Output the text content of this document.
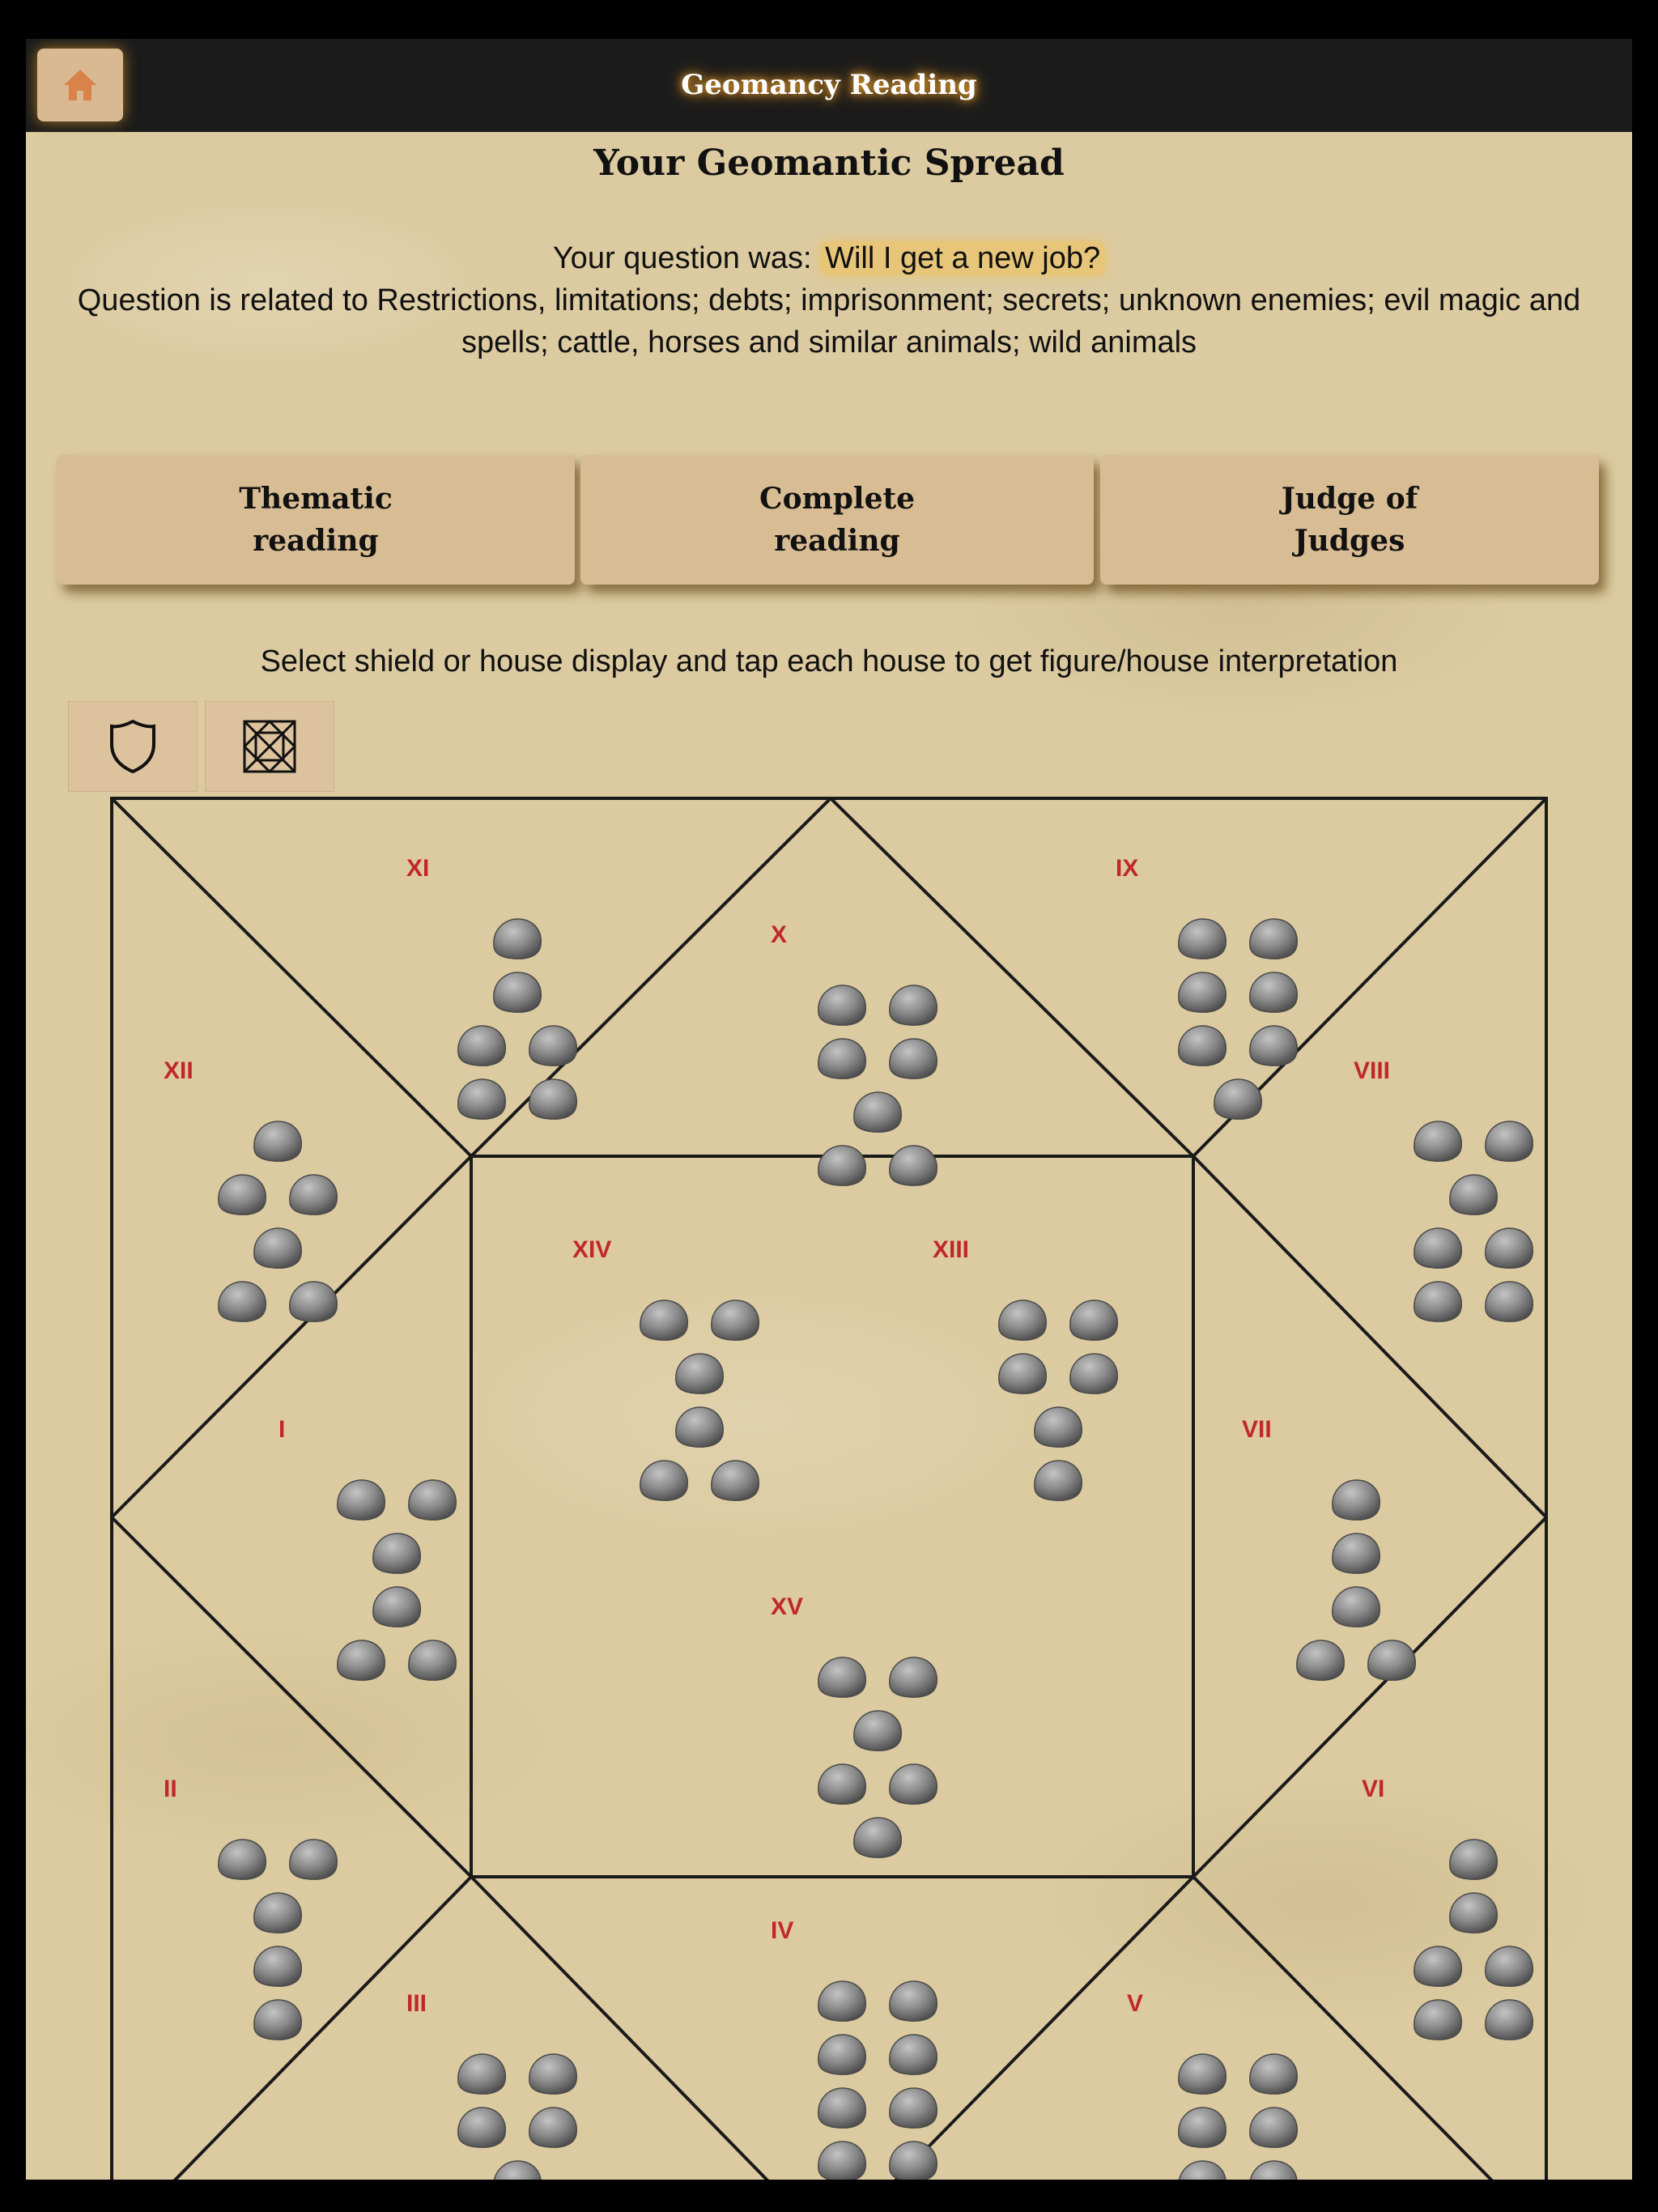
Geomancy Reading
Your Geomantic Spread
Your question was: Will I get a new job?
Question is related to Restrictions, limitations; debts; imprisonment; secrets; unknown enemies; evil magic and spells; cattle, horses and similar animals; wild animals
Thematic
reading
Complete
reading
Judge of
Judges
Select shield or house display and tap each house to get figure/house interpretation
I
II
III
IV
V
VI
VII
VIII
IX
X
XI
XII
XIII
XIV
XV
